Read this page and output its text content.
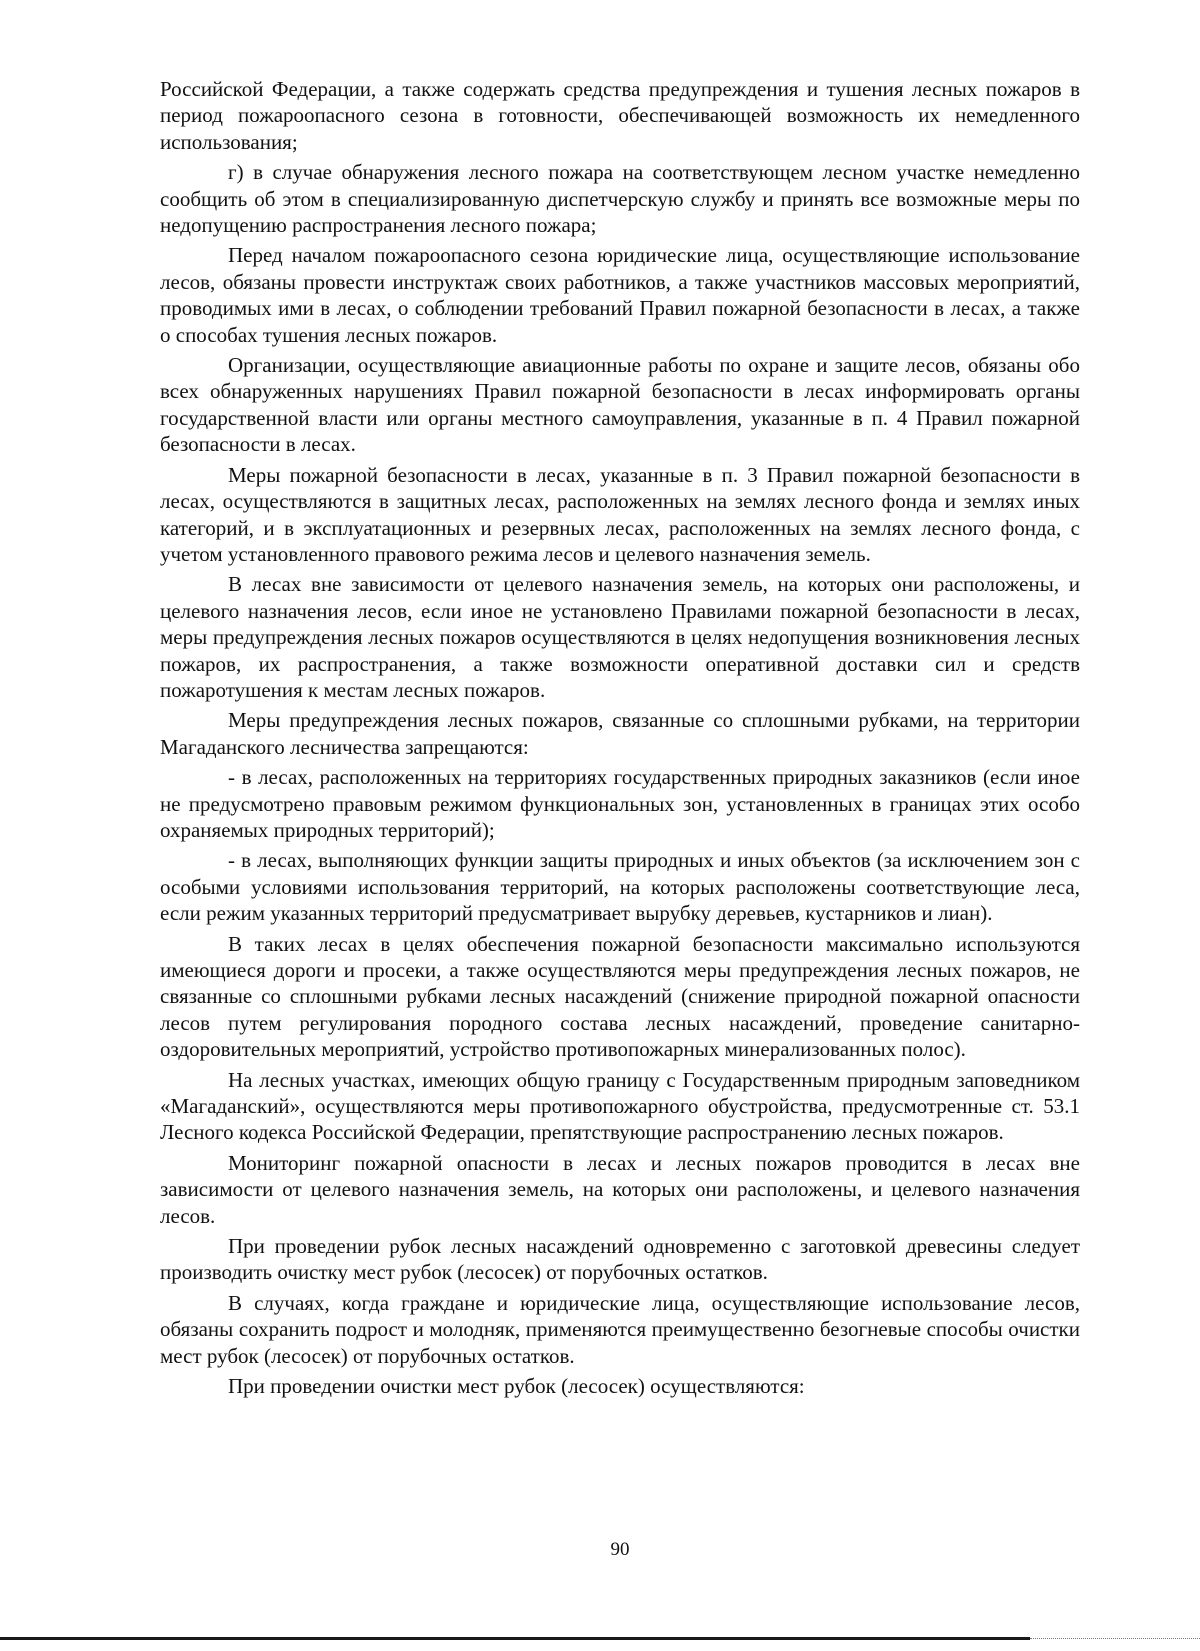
Российской Федерации, а также содержать средства предупреждения и тушения лесных пожаров в период пожароопасного сезона в готовности, обеспечивающей возможность их немедленного использования;

г) в случае обнаружения лесного пожара на соответствующем лесном участке немедленно сообщить об этом в специализированную диспетчерскую службу и принять все возможные меры по недопущению распространения лесного пожара;

Перед началом пожароопасного сезона юридические лица, осуществляющие использование лесов, обязаны провести инструктаж своих работников, а также участников массовых мероприятий, проводимых ими в лесах, о соблюдении требований Правил пожарной безопасности в лесах, а также о способах тушения лесных пожаров.

Организации, осуществляющие авиационные работы по охране и защите лесов, обязаны обо всех обнаруженных нарушениях Правил пожарной безопасности в лесах информировать органы государственной власти или органы местного самоуправления, указанные в п. 4 Правил пожарной безопасности в лесах.

Меры пожарной безопасности в лесах, указанные в п. 3 Правил пожарной безопасности в лесах, осуществляются в защитных лесах, расположенных на землях лесного фонда и землях иных категорий, и в эксплуатационных и резервных лесах, расположенных на землях лесного фонда, с учетом установленного правового режима лесов и целевого назначения земель.

В лесах вне зависимости от целевого назначения земель, на которых они расположены, и целевого назначения лесов, если иное не установлено Правилами пожарной безопасности в лесах, меры предупреждения лесных пожаров осуществляются в целях недопущения возникновения лесных пожаров, их распространения, а также возможности оперативной доставки сил и средств пожаротушения к местам лесных пожаров.

Меры предупреждения лесных пожаров, связанные со сплошными рубками, на территории Магаданского лесничества запрещаются:

- в лесах, расположенных на территориях государственных природных заказников (если иное не предусмотрено правовым режимом функциональных зон, установленных в границах этих особо охраняемых природных территорий);

- в лесах, выполняющих функции защиты природных и иных объектов (за исключением зон с особыми условиями использования территорий, на которых расположены соответствующие леса, если режим указанных территорий предусматривает вырубку деревьев, кустарников и лиан).

В таких лесах в целях обеспечения пожарной безопасности максимально используются имеющиеся дороги и просеки, а также осуществляются меры предупреждения лесных пожаров, не связанные со сплошными рубками лесных насаждений (снижение природной пожарной опасности лесов путем регулирования породного состава лесных насаждений, проведение санитарно-оздоровительных мероприятий, устройство противопожарных минерализованных полос).

На лесных участках, имеющих общую границу с Государственным природным заповедником «Магаданский», осуществляются меры противопожарного обустройства, предусмотренные ст. 53.1 Лесного кодекса Российской Федерации, препятствующие распространению лесных пожаров.

Мониторинг пожарной опасности в лесах и лесных пожаров проводится в лесах вне зависимости от целевого назначения земель, на которых они расположены, и целевого назначения лесов.

При проведении рубок лесных насаждений одновременно с заготовкой древесины следует производить очистку мест рубок (лесосек) от порубочных остатков.

В случаях, когда граждане и юридические лица, осуществляющие использование лесов, обязаны сохранить подрост и молодняк, применяются преимущественно безогневые способы очистки мест рубок (лесосек) от порубочных остатков.

При проведении очистки мест рубок (лесосек) осуществляются:

90
